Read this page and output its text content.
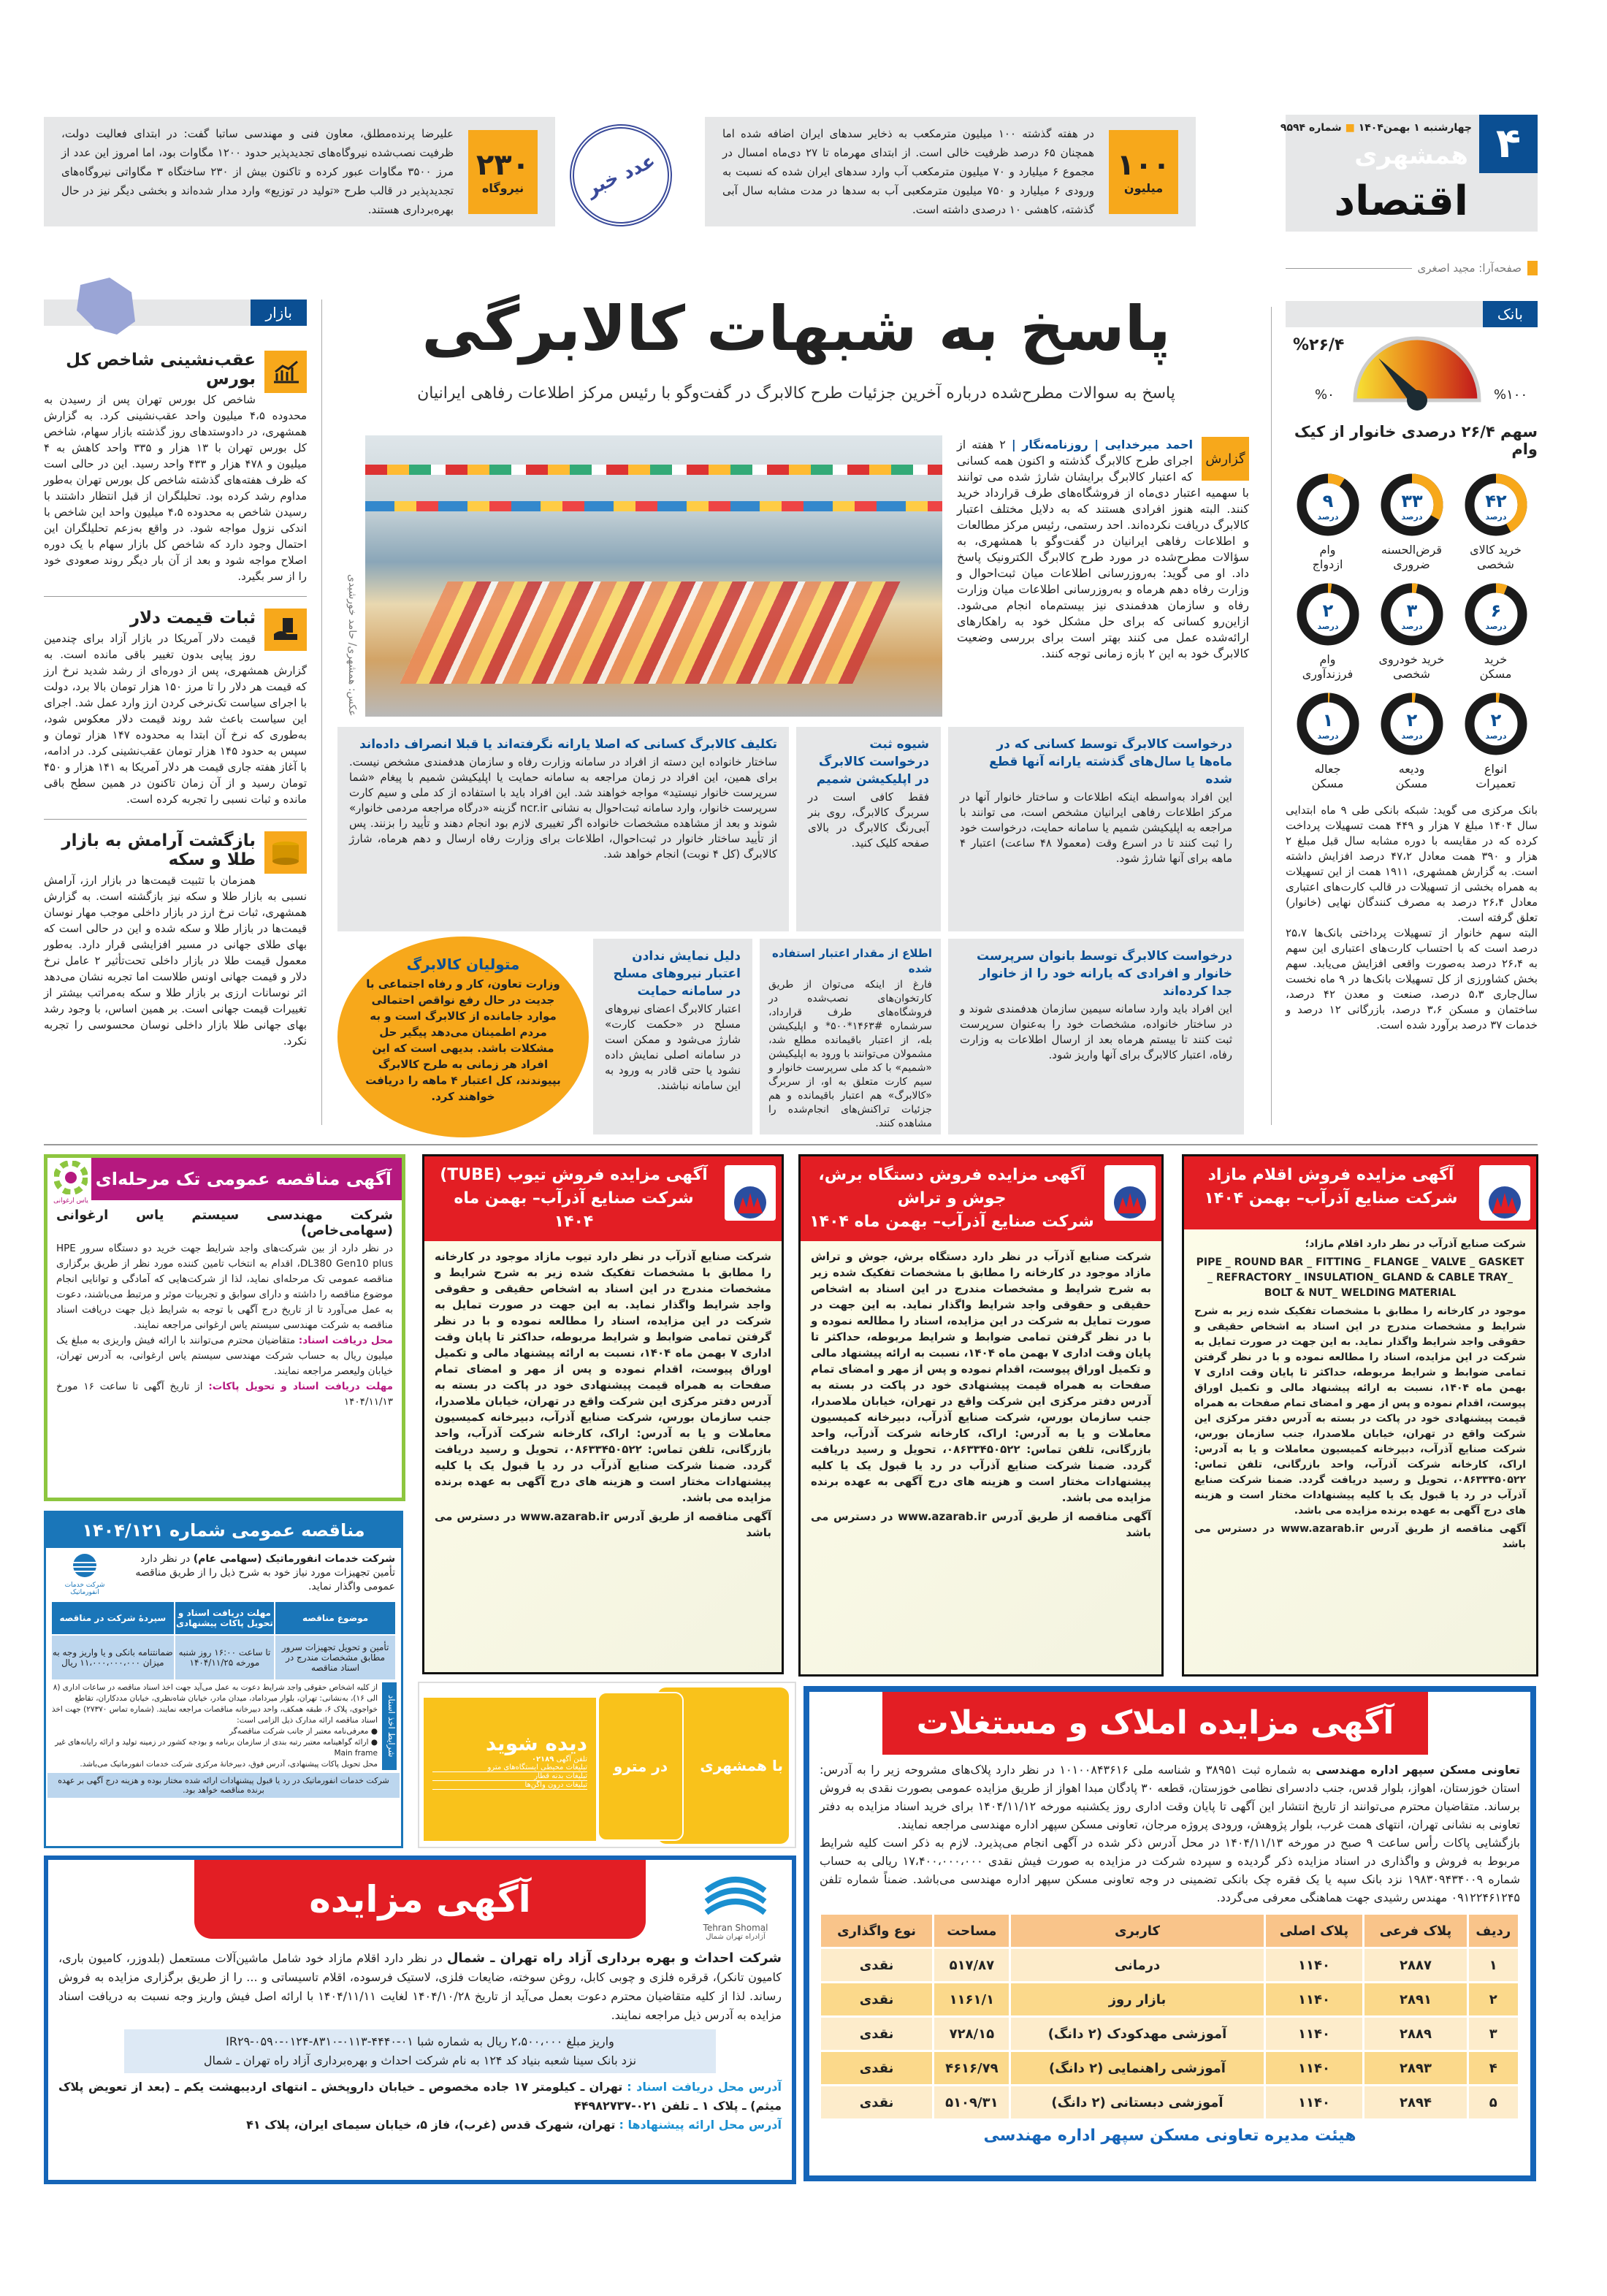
۴
چهارشنبه ۱ بهمن۱۴۰۴ ■ شماره ۹۵۹۴
همشهری
اقتصاد
صفحه‌آرا: مجید اصغری
۱۰۰
میلیون

در هفته گذشته ۱۰۰ میلیون مترمکعب به ذخایر سدهای ایران اضافه شده اما همچنان ۶۵ درصد ظرفیت خالی است. از ابتدای مهرماه تا ۲۷ دی‌ماه امسال در مجموع ۶ میلیارد و ۷۰ میلیون مترمکعب آب وارد سدهای ایران شده که نسبت به ورودی ۶ میلیارد و ۷۵۰ میلیون مترمکعبی آب به سدها در مدت مشابه سال آبی گذشته، کاهشی ۱۰ درصدی داشته است.

عدد خبر
۲۳۰
نیروگاه

علیرضا پرنده‌مطلق، معاون فنی و مهندسی ساتبا گفت: در ابتدای فعالیت دولت، ظرفیت نصب‌شده نیروگاه‌های تجدیدپذیر حدود ۱۲۰۰ مگاوات بود، اما امروز این عدد از مرز ۳۵۰۰ مگاوات عبور کرده و تاکنون بیش از ۲۳۰ ساختگاه ۳ مگاواتی نیروگاه‌های تجدیدپذیر در قالب طرح «تولید در توزیع» وارد مدار شده‌اند و بخشی دیگر نیز در حال بهره‌برداری هستند.

بانک
%۲۶/۴
%۰	%۱۰۰
سهم ۲۶/۴ درصدی خانوار از کیک وام
۴۲
درصد
خرید کالای
شخصی
۳۳
درصد
قرض‌الحسنه
ضروری
۹
درصد
وام
ازدواج
۶
درصد
خرید
مسکن
۳
درصد
خرید خودروی
شخصی
۲
درصد
وام
فرزندآوری
۲
درصد
انواع
تعمیرات
۲
درصد
ودیعه
مسکن
۱
درصد
جعاله
مسکن
بانک مرکزی می گوید: شبکه بانکی طی ۹ ماه ابتدایی سال ۱۴۰۴ مبلغ ۷ هزار و ۴۴۹ همت تسهیلات پرداخت کرده که در مقایسه با دوره مشابه سال قبل مبلغ ۲ هزار و ۳۹۰ همت معادل ۴۷،۲ درصد افزایش داشته است. به گزارش همشهری، ۱۹۱۱ همت از این تسهیلات به همراه بخشی از تسهیلات در قالب کارت‌های اعتباری معادل ۲۶،۴ درصد به مصرف کنندگان نهایی (خانوار) تعلق گرفته است.
البته سهم خانوار از تسهیلات پرداختی بانک‌ها ۲۵،۷ درصد است که با احتساب کارت‌های اعتباری این سهم به ۲۶،۴ درصد به‌صورت واقعی افزایش می‌یابد. سهم بخش کشاورزی از کل تسهیلات بانک‌ها در ۹ ماه نخست سال‌جاری ۵،۳ درصد، صنعت و معدن ۴۲ درصد، ساختمان و مسکن ۳،۶ درصد، بازرگانی ۱۲ درصد و خدمات ۳۷ درصد برآورد شده است.
بازار
عقب‌نشینی شاخص کل بورس

شاخص کل بورس تهران پس از رسیدن به محدوده ۴،۵ میلیون واحد عقب‌نشینی کرد. به گزارش همشهری، در دادوستدهای روز گذشته بازار سهام، شاخص کل بورس تهران با ۱۳ هزار و ۳۳۵ واحد کاهش به ۴ میلیون و ۴۷۸ هزار و ۴۳۳ واحد رسید. این در حالی است که ظرف هفته‌های گذشته شاخص کل بورس تهران به‌طور مداوم رشد کرده بود. تحلیلگران از قبل انتظار داشتند با رسیدن شاخص به محدوده ۴،۵ میلیون واحد این شاخص با اندکی نزول مواجه شود. در واقع به‌زعم تحلیلگران این احتمال وجود دارد که شاخص کل بازار سهام با یک دوره اصلاح مواجه شود و بعد از آن بار دیگر روند صعودی خود را از سر بگیرد.

ثبات قیمت دلار

قیمت دلار آمریکا در بازار آزاد برای چندمین روز پیاپی بدون تغییر باقی مانده است. به گزارش همشهری، پس از دوره‌ای از رشد شدید نرخ ارز که قیمت هر دلار را تا مرز ۱۵۰ هزار تومان بالا برد، دولت با اجرای سیاست تک‌نرخی کردن ارز وارد عمل شد. اجرای این سیاست باعث شد روند قیمت دلار معکوس شود، به‌طوری که نرخ آن ابتدا به محدوده ۱۴۷ هزار تومان و سپس به حدود ۱۴۵ هزار تومان عقب‌نشینی کرد. در ادامه، با آغاز هفته جاری قیمت هر دلار آمریکا به ۱۴۱ هزار و ۴۵۰ تومان رسید و از آن زمان تاکنون در همین سطح باقی مانده و ثبات نسبی را تجربه کرده است.

بازگشت آرامش به بازار طلا و سکه

همزمان با تثبیت قیمت‌ها در بازار ارز، آرامش نسبی به بازار طلا و سکه نیز بازگشته است. به گزارش همشهری، ثبات نرخ ارز در بازار داخلی موجب مهار نوسان قیمت‌ها در بازار طلا و سکه شده و این در حالی است که بهای طلای جهانی در مسیر افزایشی قرار دارد. به‌طور معمول قیمت طلا در بازار داخلی تحت‌تأثیر ۲ عامل نرخ دلار و قیمت جهانی اونس طلاست اما تجربه نشان می‌دهد اثر نوسانات ارزی بر بازار طلا و سکه به‌مراتب بیشتر از تغییرات قیمت جهانی است. بر همین اساس، با وجود رشد بهای جهانی طلا بازار داخلی نوسان محسوسی را تجربه نکرد.

پاسخ به شبهات کالابرگی
پاسخ به سوالات مطرح‌شده درباره آخرین جزئیات طرح کالابرگ در گفت‌وگو با رئیس مرکز اطلاعات رفاهی ایرانیان
عکس: همشهری/ حامد خورشیدی
گزارش

احمد میرخدایی | روزنامه‌نگار | ۲ هفته از اجرای طرح کالابرگ گذشته و اکنون همه کسانی که اعتبار کالابرگ برایشان شارژ شده می توانند با سهمیه اعتبار دی‌ماه از فروشگاه‌های طرف قرارداد خرید کنند. البته هنوز افرادی هستند که به دلایل مختلف اعتبار کالابرگ دریافت نکرده‌اند. احد رستمی، رئیس مرکز مطالعات و اطلاعات رفاهی ایرانیان در گفت‌وگو با همشهری، به سؤالات مطرح‌شده در مورد طرح کالابرگ الکترونیک پاسخ داد. او می گوید: به‌روزرسانی اطلاعات میان ثبت‌احوال و وزارت رفاه دهم هرماه و به‌روزرسانی اطلاعات میان وزارت رفاه و سازمان هدفمندی نیز بیستم‌ماه انجام می‌شود. ازاین‌رو کسانی که برای حل مشکل خود به راهکارهای ارائه‌شده عمل می کنند بهتر است برای بررسی وضعیت کالابرگ خود به این ۲ بازه زمانی توجه کنند.

درخواست کالابرگ توسط کسانی که در ماه‌ها یا سال‌های گذشته یارانه آنها قطع شده

این افراد به‌واسطه اینکه اطلاعات و ساختار خانوار آنها در مرکز اطلاعات رفاهی ایرانیان مشخص است، می توانند با مراجعه به اپلیکیشن شمیم یا سامانه حمایت، درخواست خود را ثبت کنند تا در اسرع وقت (معمولا ۴۸ ساعت) اعتبار ۴ ماهه برای آنها شارژ شود.

شیوه ثبت درخواست کالابرگ در اپلیکیشن شمیم

فقط کافی است در سربرگ کالابرگ، روی بنر آبی‌رنگ کالابرگ در بالای صفحه کلیک کنید.

تکلیف کالابرگ کسانی که اصلا یارانه نگرفته‌اند یا قبلا انصراف داده‌اند

ساختار خانواده این دسته از افراد در سامانه وزارت رفاه و سازمان هدفمندی مشخص نیست. برای همین، این افراد در زمان مراجعه به سامانه حمایت یا اپلیکیشن شمیم با پیغام «شما سرپرست خانوار نیستید» مواجه خواهند شد. این افراد باید با استفاده از کد ملی و سیم کارت سرپرست خانوار، وارد سامانه ثبت‌احوال به نشانی ncr.ir گزینه «درگاه مراجعه مردمی خانوار» شوند و بعد از مشاهده مشخصات خانواده اگر تغییری لازم بود انجام دهند و تأیید را بزنند. پس از تأیید ساختار خانوار در ثبت‌احوال، اطلاعات برای وزارت رفاه ارسال و دهم هرماه، شارژ کالابرگ (کل ۴ نوبت) انجام خواهد شد.

درخواست کالابرگ توسط بانوان سرپرست خانوار و افرادی که یارانه خود را از خانوار جدا کرده‌اند

این افراد باید وارد سامانه سیمین سازمان هدفمندی شوند و در ساختار خانواده، مشخصات خود را به‌عنوان سرپرست ثبت کنند تا بیستم هرماه بعد از ارسال اطلاعات به وزارت رفاه، اعتبار کالابرگ برای آنها واریز شود.

اطلاع از مقدار اعتبار استفاده شده

فارغ از اینکه می‌توان از طریق کارتخوان‌های نصب‌شده در فروشگاه‌های طرف قرارداد، سرشماره #۱۴۶۳*۵۰۰* و اپلیکیشن بله، از اعتبار باقیمانده مطلع شد، مشمولان می‌توانند با ورود به اپلیکیشن «شمیم» با کد ملی سرپرست خانوار و سیم کارت متعلق به او، از سربرگ «کالابرگ» هم اعتبار باقیمانده و هم جزئیات تراکنش‌های انجام‌شده را مشاهده کنند.

دلیل نمایش ندادن اعتبار نیروهای مسلح در سامانه حمایت

اعتبار کالابرگ اعضای نیروهای مسلح در «حکمت کارت» شارژ می‌شود و ممکن است در سامانه اصلی نمایش داده نشود یا حتی قادر به ورود به این سامانه نباشند.

متولیان کالابرگ
وزارت تعاون، کار و رفاه اجتماعی با جدیت در حال رفع نواقص احتمالی موارد جامانده از کالابرگ است و به مردم اطمینان می‌دهد پیگیر حل مشکلات باشد. بدیهی است که این افراد هر زمانی به طرح کالابرگ بپیوندند، کل اعتبار ۴ ماهه را دریافت خواهند کرد.
آگهی مزایده فروش اقلام مازاد
شرکت صنایع آذرآب– بهمن ۱۴۰۴
شرکت صنایع آذرآب در نظر دارد اقلام مازاد؛
PIPE _ ROUND BAR _ FITTING _ FLANGE _ VALVE _ GASKET _ REFRACTORY _ INSULATION_ GLAND & CABLE TRAY_ BOLT & NUT_ WELDING MATERIAL
موجود در کارخانه را مطابق با مشخصات تفکیک شده زیر به شرح شرایط و مشخصات مندرج در این اسناد به اشخاص حقیقی و حقوقی واجد شرایط واگذار نماید. به این جهت در صورت تمایل به شرکت در این مزایده، اسناد را مطالعه نموده و با در نظر گرفتن تمامی ضوابط و شرایط مربوطه، حداکثر تا پایان وقت اداری ۷ بهمن ماه ۱۴۰۴، نسبت به ارائه پیشنهاد مالی و تکمیل اوراق پیوست، اقدام نموده و پس از مهر و امضای تمام صفحات به همراه قیمت پیشنهادی خود در پاکت در بسته به آدرس دفتر مرکزی این شرکت واقع در تهران، خیابان ملاصدرا، جنب سازمان بورس، شرکت صنایع آذرآب، دبیرخانه کمیسیون معاملات و یا به آدرس: اراک، کارخانه شرکت آذرآب، واحد بازرگانی، تلفن تماس: ۰۸۶۳۳۴۵۰۵۲۲، تحویل و رسید دریافت گردد. ضمنا شرکت صنایع آذرآب در رد یا قبول یک یا کلیه پیشنهادات مختار است و هزینه های درج آگهی به عهده برنده مزایده می باشد.
آگهی مناقصه از طریق آدرس www.azarab.ir در دسترس می باشد
آگهی مزایده فروش دستگاه برش، جوش و تراش
شرکت صنایع آذرآب– بهمن ماه ۱۴۰۴
شرکت صنایع آذرآب در نظر دارد دستگاه برش، جوش و تراش مازاد موجود در کارخانه را مطابق با مشخصات تفکیک شده زیر به شرح شرایط و مشخصات مندرج در این اسناد به اشخاص حقیقی و حقوقی واجد شرایط واگذار نماید. به این جهت در صورت تمایل به شرکت در این مزایده، اسناد را مطالعه نموده و با در نظر گرفتن تمامی ضوابط و شرایط مربوطه، حداکثر تا پایان وقت اداری ۷ بهمن ماه ۱۴۰۴، نسبت به ارائه پیشنهاد مالی و تکمیل اوراق پیوست، اقدام نموده و پس از مهر و امضای تمام صفحات به همراه قیمت پیشنهادی خود در پاکت در بسته به آدرس دفتر مرکزی این شرکت واقع در تهران، خیابان ملاصدرا، جنب سازمان بورس، شرکت صنایع آذرآب، دبیرخانه کمیسیون معاملات و یا به آدرس: اراک، کارخانه شرکت آذرآب، واحد بازرگانی، تلفن تماس: ۰۸۶۳۳۴۵۰۵۲۲، تحویل و رسید دریافت گردد. ضمنا شرکت صنایع آذرآب در رد یا قبول یک یا کلیه پیشنهادات مختار است و هزینه های درج آگهی به عهده برنده مزایده می باشد.
آگهی مناقصه از طریق آدرس www.azarab.ir در دسترس می باشد
آگهی مزایده فروش تیوب (TUBE)
شرکت صنایع آذرآب– بهمن ماه ۱۴۰۴
شرکت صنایع آذرآب در نظر دارد تیوب مازاد موجود در کارخانه را مطابق با مشخصات تفکیک شده زیر به شرح شرایط و مشخصات مندرج در این اسناد به اشخاص حقیقی و حقوقی واجد شرایط واگذار نماید. به این جهت در صورت تمایل به شرکت در این مزایده، اسناد را مطالعه نموده و با در نظر گرفتن تمامی ضوابط و شرایط مربوطه، حداکثر تا پایان وقت اداری ۷ بهمن ماه ۱۴۰۴، نسبت به ارائه پیشنهاد مالی و تکمیل اوراق پیوست، اقدام نموده و پس از مهر و امضای تمام صفحات به همراه قیمت پیشنهادی خود در پاکت در بسته به آدرس دفتر مرکزی این شرکت واقع در تهران، خیابان ملاصدرا، جنب سازمان بورس، شرکت صنایع آذرآب، دبیرخانه کمیسیون معاملات و یا به آدرس: اراک، کارخانه شرکت آذرآب، واحد بازرگانی، تلفن تماس: ۰۸۶۳۳۴۵۰۵۲۲، تحویل و رسید دریافت گردد. ضمنا شرکت صنایع آذرآب در رد یا قبول یک یا کلیه پیشنهادات مختار است و هزینه های درج آگهی به عهده برنده مزایده می باشد.
آگهی مناقصه از طریق آدرس www.azarab.ir در دسترس می باشد
آگهی مناقصه عمومی تک مرحله‌ای
یاس ارغوانی
شرکت مهندسی سیستم یاس ارغوانی (سهامی‌خاص)
در نظر دارد از بین شرکت‌های واجد شرایط جهت خرید دو دستگاه سرور HPE DL380 Gen10 plus، اقدام به انتخاب تامین کننده مورد نظر از طریق برگزاری مناقصه عمومی تک مرحله‌ای نماید، لذا از شرکت‌هایی که آمادگی و توانایی انجام موضوع مناقصه را داشته و دارای سوابق و تجربیات موثر و مرتبط می‌باشند، دعوت به عمل می‌آورد تا از تاریخ درج آگهی با توجه به شرایط ذیل جهت دریافت اسناد مناقصه به شرکت مهندسی سیستم یاس ارغوانی مراجعه نمایند.
محل دریافت اسناد: متقاضیان محترم می‌توانند با ارائه فیش واریزی به مبلغ یک میلیون ریال به حساب شرکت مهندسی سیستم یاس ارغوانی، به آدرس تهران، خیابان ولیعصر مراجعه نمایند.
مهلت دریافت اسناد و تحویل پاکات: از تاریخ آگهی تا ساعت ۱۶ مورخ ۱۴۰۴/۱۱/۱۳
مناقصه عمومی شماره ۱۴۰۴/۱۲۱
شرکت خدمات انفورماتیک (سهامی عام) در نظر دارد تأمین تجهیزات مورد نیاز خود به شرح ذیل را از طریق مناقصه عمومی واگذار نماید.
شرکت خدمات انفورماتیک
موضوع مناقصه	مهلت دریافت اسناد و تحویل پاکات پیشنهادی	سپردهٔ شرکت در مناقصه
تأمین و تحویل تجهیزات سرور مطابق مشخصات مندرج در اسناد مناقصه	تا ساعت ۱۶:۰۰ روز شنبه مورخه ۱۴۰۴/۱۱/۲۵	ضمانتنامه بانکی و یا واریز وجه به میزان ۱۱،۰۰۰،۰۰۰،۰۰۰ ریال
شرایط اخذ اسناد
از کلیه اشخاص حقوقی واجد شرایط دعوت به عمل می‌آید جهت اخذ اسناد مناقصه در ساعات اداری (۸ الی ۱۶)، به‌نشانی: تهران، بلوار میرداماد، میدان مادر، خیابان شاه‌نظری، خیابان مددکاران، تقاطع خواجوی، پلاک ۶، طبقه همکف، واحد دبیرخانه مناقصات مراجعه نمایند. (شماره تماس ۲۷۳۷۰) جهت اخذ اسناد مناقصه ارائه مدارک ذیل الزامی است:
● معرفی‌نامه معتبر از جانب شرکت مناقصه‌گر
● ارائه گواهینامه معتبر رتبه بندی از سازمان برنامه و بودجه کشور در زمینه تولید و ارائه رایانه‌های غیر Main frame
محل تحویل پاکات پیشنهادی، آدرس فوق، دبیرخانهٔ مرکزی شرکت خدمات انفورماتیک می‌باشد.
شرکت خدمات انفورماتیک در رد یا قبول پیشنهادات ارائه شده مختار بوده و هزینه درج آگهی بر عهده برنده مناقصه خواهد بود.
با همشهری
در مترو
دیده شوید
تلفن آگهی ۰۲۱۸۹
تبلیغات محیطی ایستگاه‌های مترو
تبلیغات بدنه قطار
تبلیغات درون واگن‌ها
آگهی مزایده املاک و مستغلات
تعاونی مسکن سپهر اداره مهندسی به شماره ثبت ۳۸۹۵۱ و شناسه ملی ۱۰۱۰۰۸۴۳۶۱۶ در نظر دارد پلاک‌های مشروحه زیر را به آدرس: استان خوزستان، اهواز، بلوار قدس، جنب دادسرای نظامی خوزستان، قطعه ۳۰ پادگان مبدا اهواز از طریق مزایده عمومی بصورت نقدی به فروش برساند. متقاضیان محترم می‌توانند از تاریخ انتشار این آگهی تا پایان وقت اداری روز یکشنبه مورخه ۱۴۰۴/۱۱/۱۲ برای خرید اسناد مزایده به دفتر تعاونی به نشانی تهران، انتهای همت غرب، بلوار پژوهش، ورودی پروژه مرجان، تعاونی مسکن سپهر اداره مهندسی مراجعه نمایند.
بازگشایی پاکات رأس ساعت ۹ صبح در مورخه ۱۴۰۴/۱۱/۱۳ در محل آدرس ذکر شده در آگهی انجام می‌پذیرد. لازم به ذکر است کلیه شرایط مربوط به فروش و واگذاری در اسناد مزایده ذکر گردیده و سپرده شرکت در مزایده به صورت فیش نقدی ۱۷،۴۰۰،۰۰۰،۰۰۰ ریالی به حساب شماره ۱۹۸۳۰۹۴۳۴۰۰۹ نزد بانک سپه یا یک فقره چک بانکی تضمینی در وجه تعاونی مسکن سپهر اداره مهندسی می‌باشد. ضمناً شماره تلفن ۰۹۱۲۲۴۶۱۲۴۵ مهندس رشیدی جهت هماهنگی معرفی می‌گردد.
ردیف	پلاک فرعی	پلاک اصلی	کاربری	مساحت	نوع واگذاری
۱	۲۸۸۷	۱۱۴۰	درمانی	۵۱۷/۸۷	نقدی
۲	۲۸۹۱	۱۱۴۰	بازار روز	۱۱۶۱/۱	نقدی
۳	۲۸۸۹	۱۱۴۰	آموزشی مهدکودک (۲ دانگ)	۷۲۸/۱۵	نقدی
۴	۲۸۹۳	۱۱۴۰	آموزشی راهنمایی (۲ دانگ)	۴۶۱۶/۷۹	نقدی
۵	۲۸۹۴	۱۱۴۰	آموزشی دبستانی (۲ دانگ)	۵۱۰۹/۳۱	نقدی
هیئت مدیره تعاونی مسکن سپهر اداره مهندسی
آگهی مزایده
Tehran Shomal
آزادراه تهران شمال
شرکت احداث و بهره برداری آزاد راه تهران ـ شمال در نظر دارد اقلام مازاد خود شامل ماشین‌آلات مستعمل (بلدوزر، کامیون باری، کامیون تانکر)، قرقره فلزی و چوبی کابل، روغن سوخته، ضایعات فلزی، لاستیک فرسوده، اقلام تاسیساتی و ... را از طریق برگزاری مزایده به فروش رساند. لذا از کلیه متقاضیان محترم دعوت بعمل می‌آید از تاریخ ۱۴۰۴/۱۰/۲۸ لغایت ۱۴۰۴/۱۱/۱۱ با ارائه اصل فیش واریز وجه نسبت به دریافت اسناد مزایده به آدرس ذیل مراجعه نمایند.
واریز مبلغ ۲،۵۰۰،۰۰۰ ریال به شماره شبا IR۲۹-۰۵۹۰-۰۱۲۴-۸۳۱۰-۰۱۱۳-۴۴۴۰-۰۱
نزد بانک سینا شعبه بنیاد کد ۱۲۴ به نام شرکت احداث و بهره‌برداری آزاد راه تهران ـ شمال
آدرس محل دریافت اسناد : تهران ـ کیلومتر ۱۷ جاده مخصوص ـ خیابان داروپخش ـ انتهای اردیبهشت یکم ـ (بعد از تعویض پلاک میثم) ـ پلاک ۱ ـ تلفن ۰۲۱-۴۴۹۸۲۷۳۷
آدرس محل ارائه پیشنهادها : تهران، شهرک قدس (غرب)، فاز ۵، خیابان سیمای ایران، پلاک ۴۱
